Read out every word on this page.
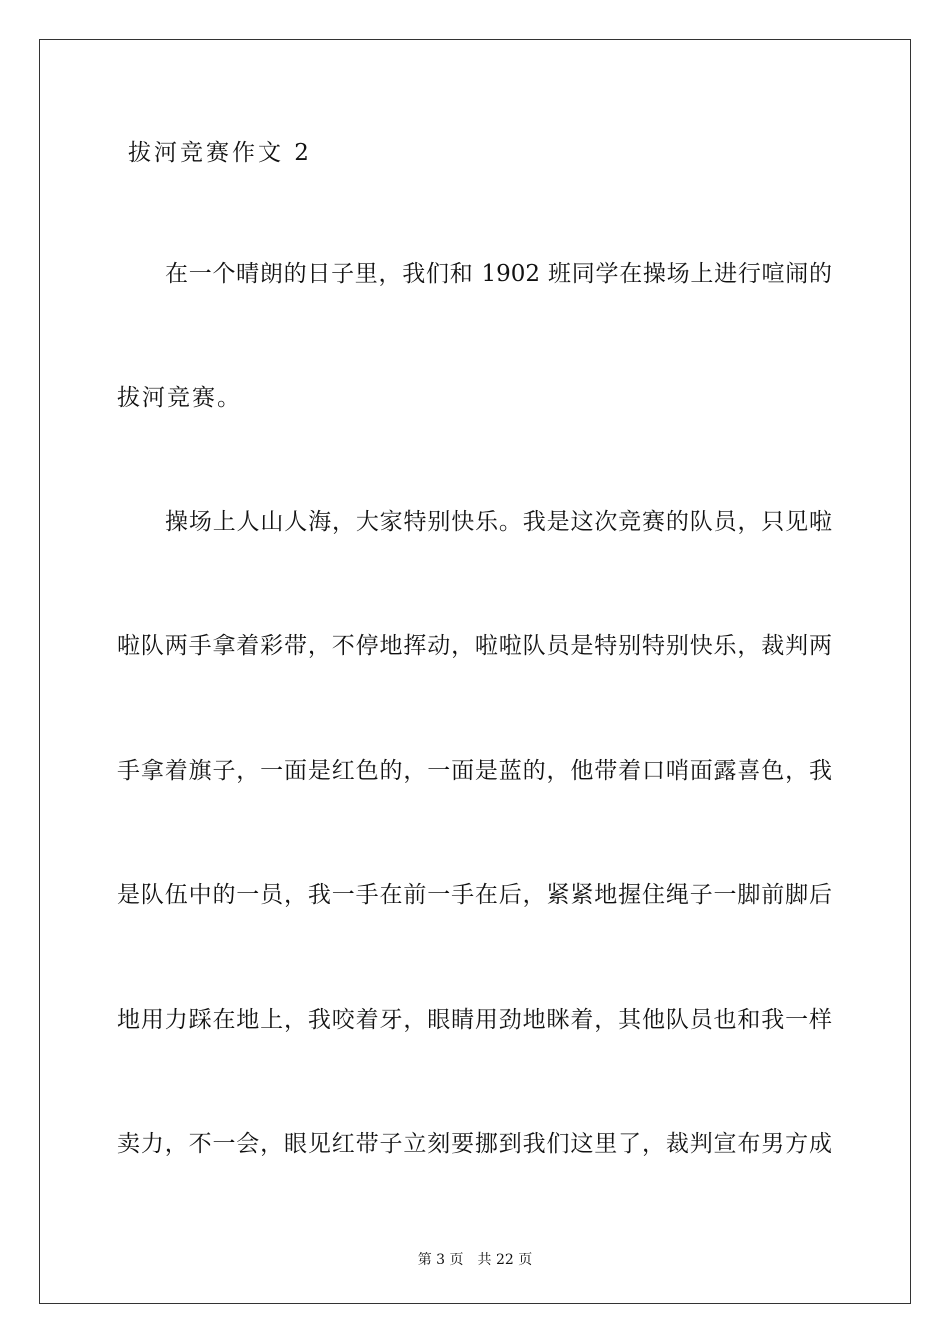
拔河竞赛作文 2
在一个晴朗的日子里，我们和 1902 班同学在操场上进行喧闹的
拔河竞赛。
操场上人山人海，大家特别快乐。我是这次竞赛的队员，只见啦
啦队两手拿着彩带，不停地挥动，啦啦队员是特别特别快乐，裁判两
手拿着旗子，一面是红色的，一面是蓝的，他带着口哨面露喜色，我
是队伍中的一员，我一手在前一手在后，紧紧地握住绳子一脚前脚后
地用力踩在地上，我咬着牙，眼睛用劲地眯着，其他队员也和我一样
卖力，不一会，眼见红带子立刻要挪到我们这里了，裁判宣布男方成
第 3 页 共 22 页
